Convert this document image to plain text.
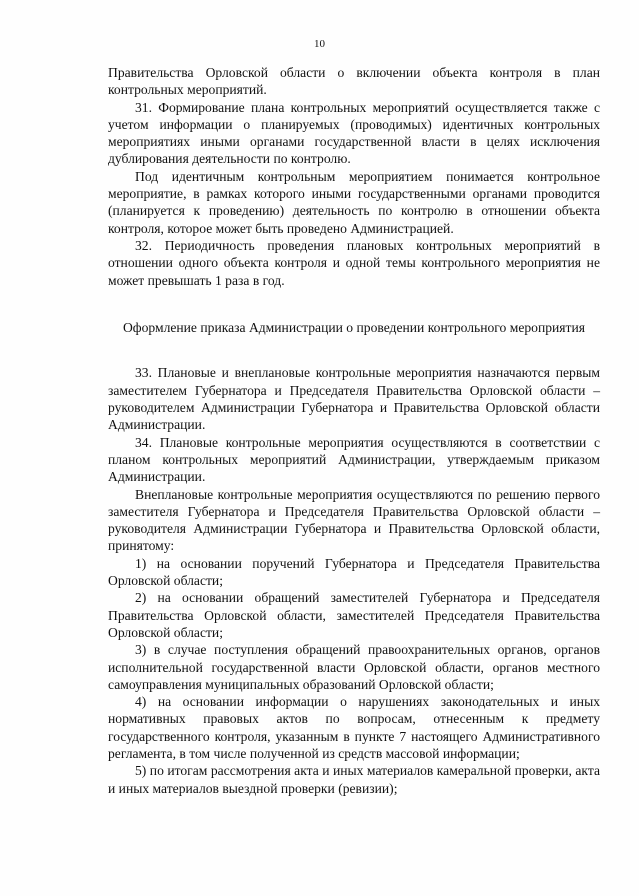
10

Правительства Орловской области о включении объекта контроля в план контрольных мероприятий.

31. Формирование плана контрольных мероприятий осуществляется также с учетом информации о планируемых (проводимых) идентичных контрольных мероприятиях иными органами государственной власти в целях исключения дублирования деятельности по контролю.

Под идентичным контрольным мероприятием понимается контрольное мероприятие, в рамках которого иными государственными органами проводится (планируется к проведению) деятельность по контролю в отношении объекта контроля, которое может быть проведено Администрацией.

32. Периодичность проведения плановых контрольных мероприятий в отношении одного объекта контроля и одной темы контрольного мероприятия не может превышать 1 раза в год.

Оформление приказа Администрации о проведении контрольного мероприятия

33. Плановые и внеплановые контрольные мероприятия назначаются первым заместителем Губернатора и Председателя Правительства Орловской области – руководителем Администрации Губернатора и Правительства Орловской области Администрации.

34. Плановые контрольные мероприятия осуществляются в соответствии с планом контрольных мероприятий Администрации, утверждаемым приказом Администрации.

Внеплановые контрольные мероприятия осуществляются по решению первого заместителя Губернатора и Председателя Правительства Орловской области – руководителя Администрации Губернатора и Правительства Орловской области, принятому:

1) на основании поручений Губернатора и Председателя Правительства Орловской области;

2) на основании обращений заместителей Губернатора и Председателя Правительства Орловской области, заместителей Председателя Правительства Орловской области;

3) в случае поступления обращений правоохранительных органов, органов исполнительной государственной власти Орловской области, органов местного самоуправления муниципальных образований Орловской области;

4) на основании информации о нарушениях законодательных и иных нормативных правовых актов по вопросам, отнесенным к предмету государственного контроля, указанным в пункте 7 настоящего Административного регламента, в том числе полученной из средств массовой информации;

5) по итогам рассмотрения акта и иных материалов камеральной проверки, акта и иных материалов выездной проверки (ревизии);
